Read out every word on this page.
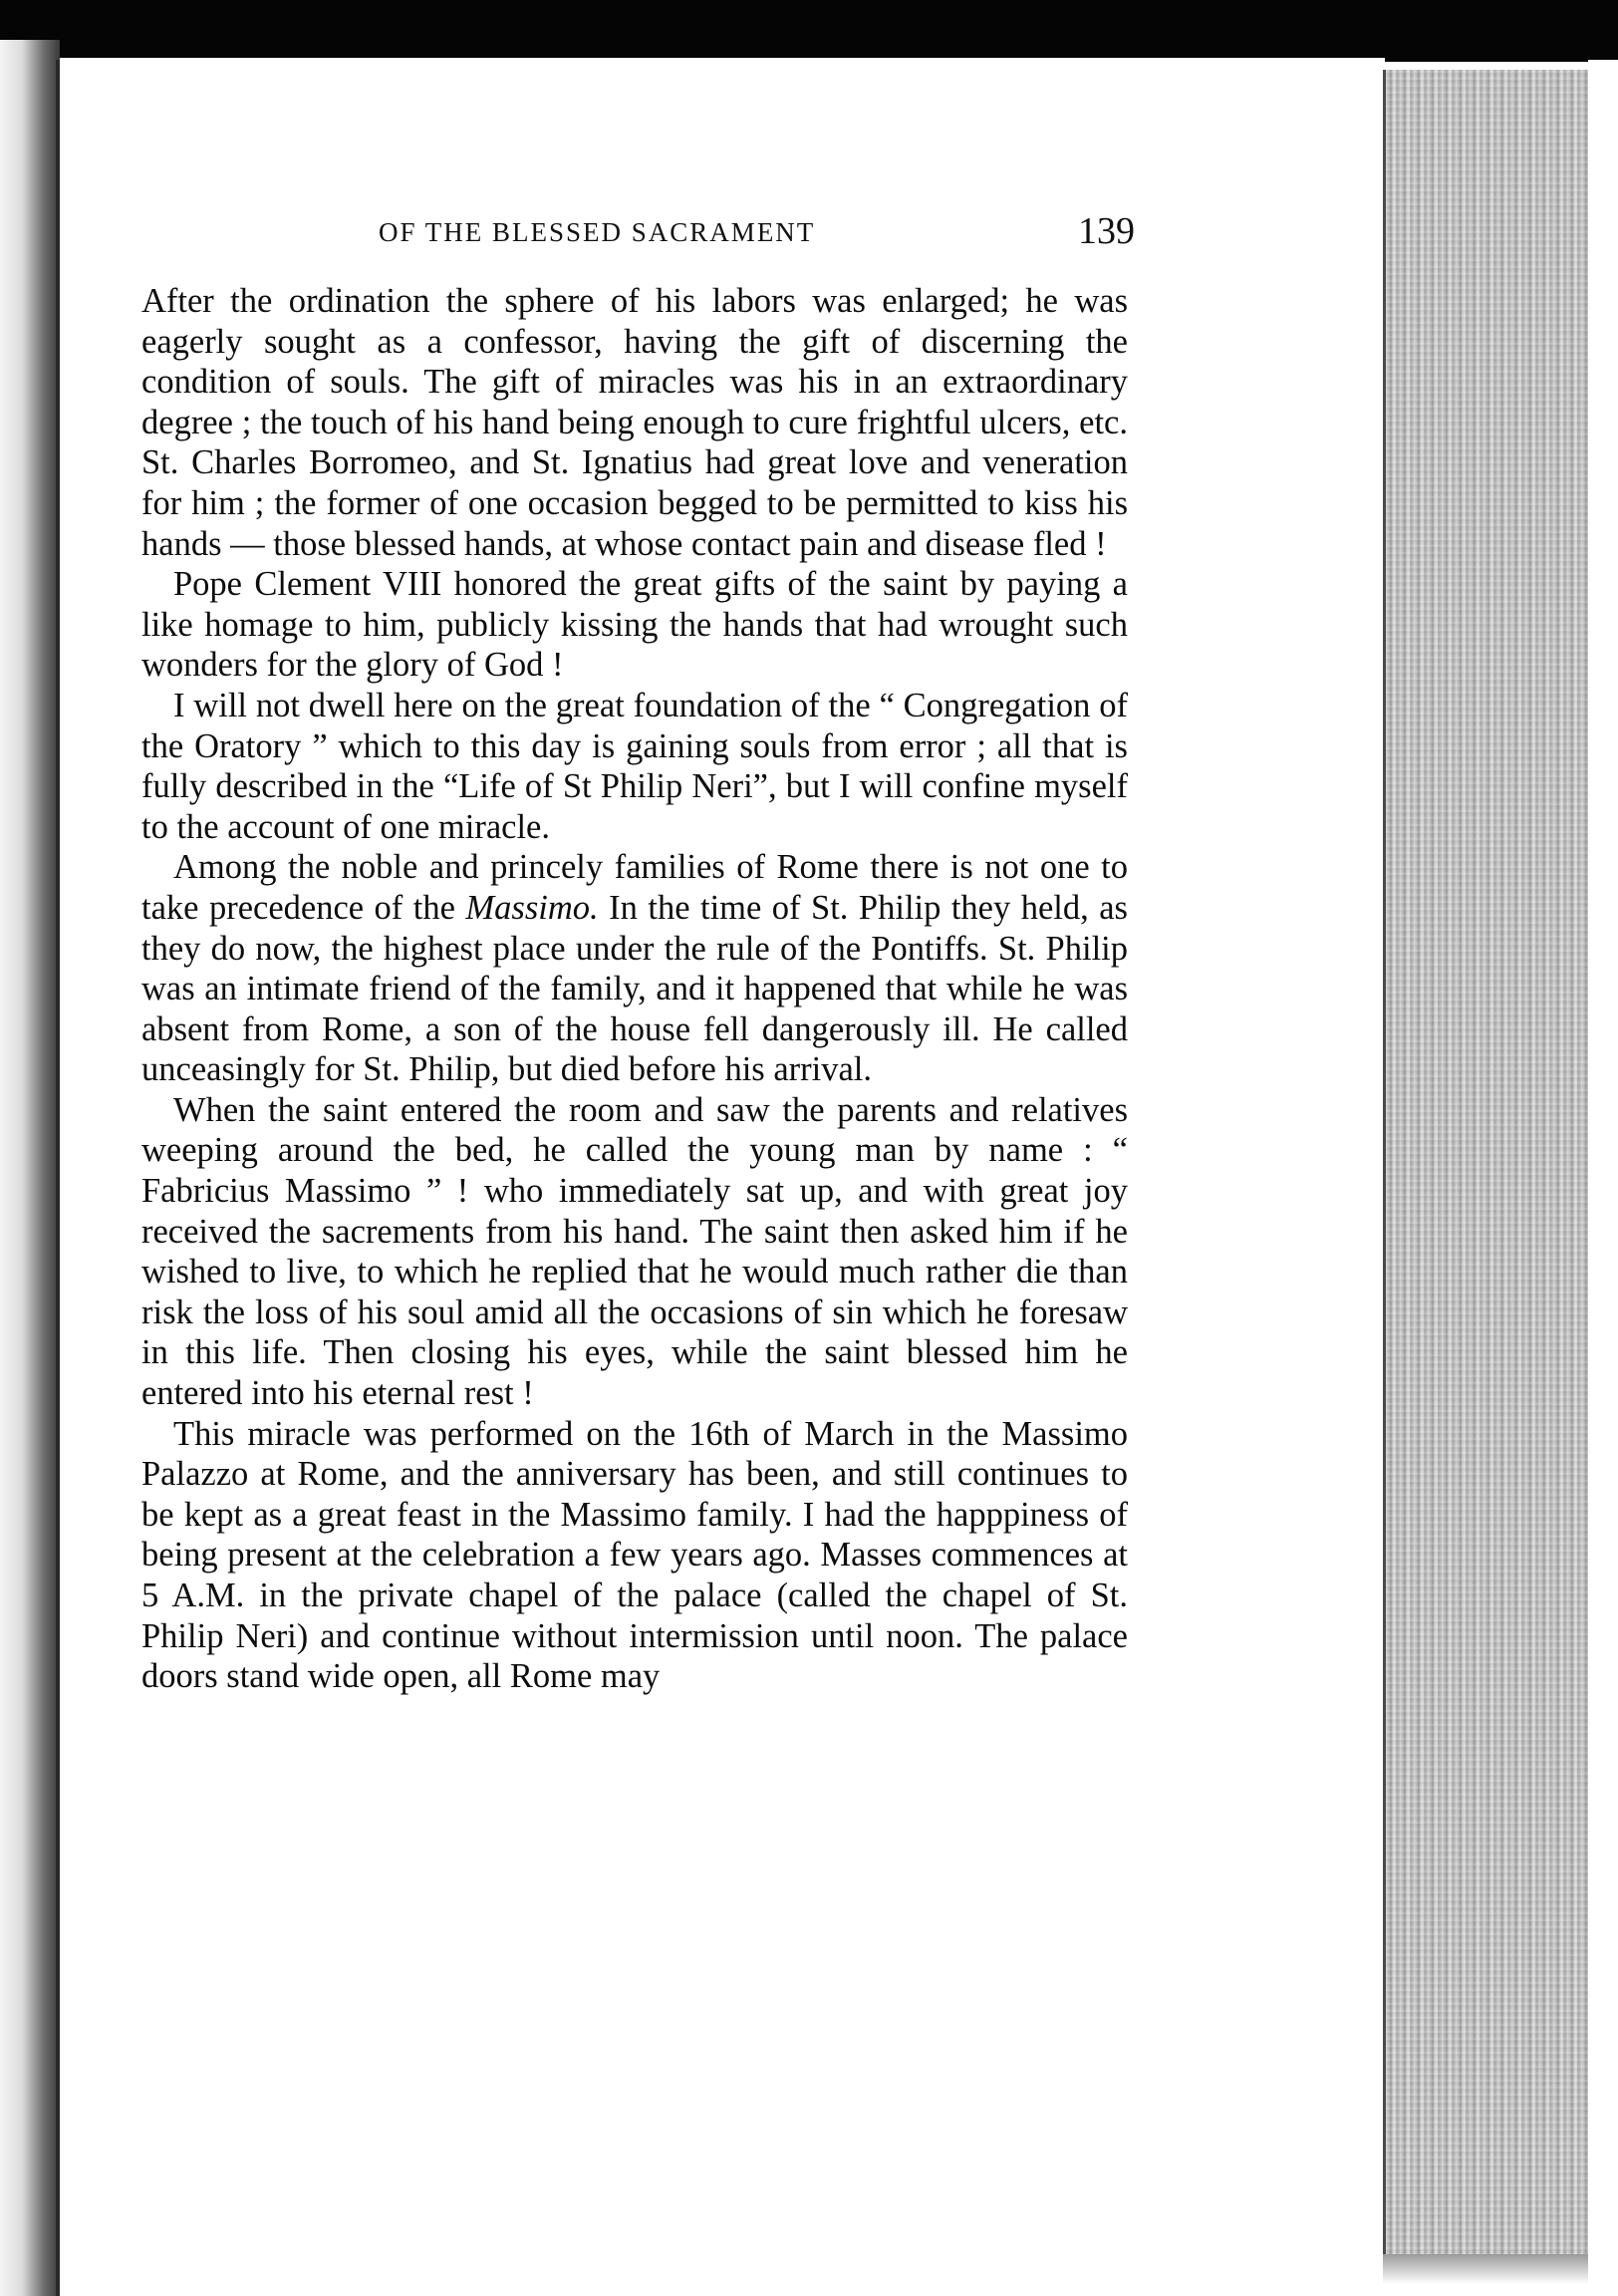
OF THE BLESSED SACRAMENT	139

After the ordination the sphere of his labors was enlarged; he was eagerly sought as a confessor, having the gift of discerning the condition of souls. The gift of miracles was his in an extraordinary degree ; the touch of his hand being enough to cure frightful ulcers, etc. St. Charles Borromeo, and St. Ignatius had great love and veneration for him ; the former of one occasion begged to be permitted to kiss his hands — those blessed hands, at whose contact pain and disease fled !

Pope Clement VIII honored the great gifts of the saint by paying a like homage to him, publicly kissing the hands that had wrought such wonders for the glory of God !

I will not dwell here on the great foundation of the “ Congregation of the Oratory ” which to this day is gaining souls from error ; all that is fully described in the “Life of St Philip Neri”, but I will confine myself to the account of one miracle.

Among the noble and princely families of Rome there is not one to take precedence of the Massimo. In the time of St. Philip they held, as they do now, the highest place under the rule of the Pontiffs. St. Philip was an intimate friend of the family, and it happened that while he was absent from Rome, a son of the house fell dangerously ill. He called unceasingly for St. Philip, but died before his arrival.

When the saint entered the room and saw the parents and relatives weeping around the bed, he called the young man by name : “ Fabricius Massimo ” ! who immediately sat up, and with great joy received the sacrements from his hand. The saint then asked him if he wished to live, to which he replied that he would much rather die than risk the loss of his soul amid all the occasions of sin which he foresaw in this life. Then closing his eyes, while the saint blessed him he entered into his eternal rest !

This miracle was performed on the 16th of March in the Massimo Palazzo at Rome, and the anniversary has been, and still continues to be kept as a great feast in the Massimo family. I had the happpiness of being present at the celebration a few years ago. Masses commences at 5 A.M. in the private chapel of the palace (called the chapel of St. Philip Neri) and continue without intermission until noon. The palace doors stand wide open, all Rome may
